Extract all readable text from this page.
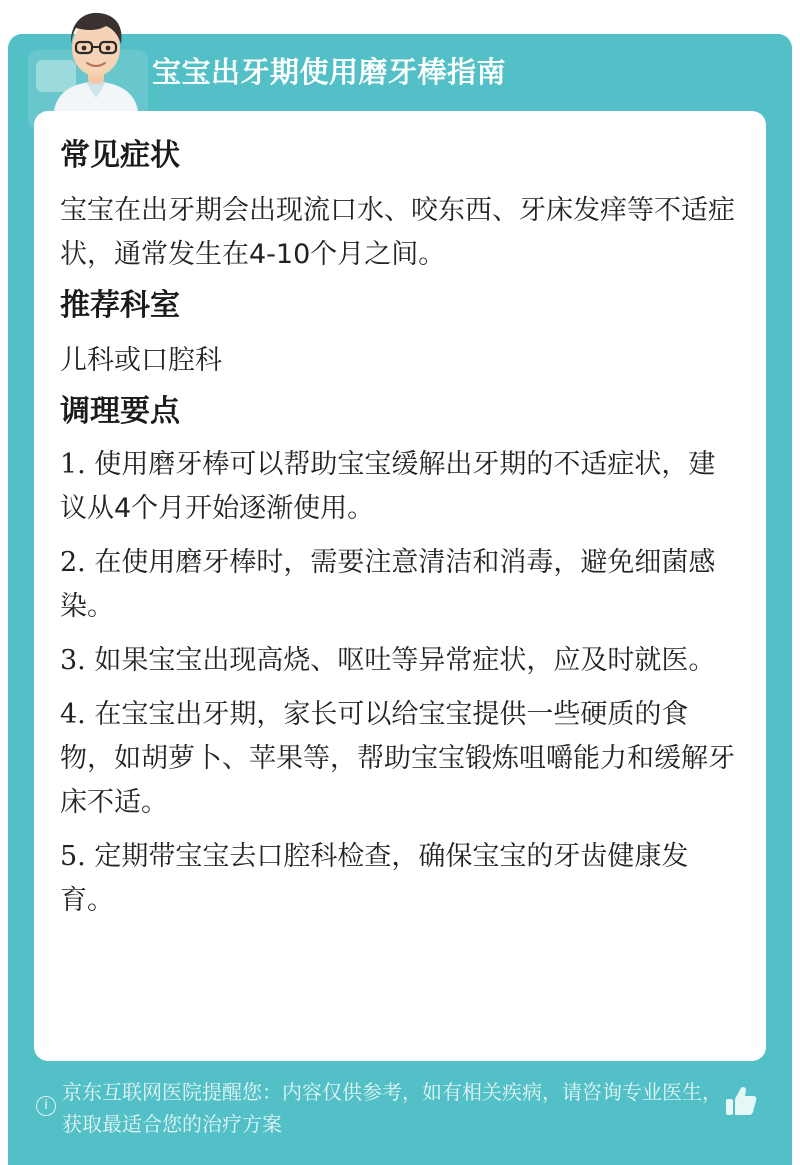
宝宝出牙期使用磨牙棒指南
常见症状
宝宝在出牙期会出现流口水、咬东西、牙床发痒等不适症状，通常发生在4-10个月之间。
推荐科室
儿科或口腔科
调理要点
1. 使用磨牙棒可以帮助宝宝缓解出牙期的不适症状，建议从4个月开始逐渐使用。
2. 在使用磨牙棒时，需要注意清洁和消毒，避免细菌感染。
3. 如果宝宝出现高烧、呕吐等异常症状，应及时就医。
4. 在宝宝出牙期，家长可以给宝宝提供一些硬质的食物，如胡萝卜、苹果等，帮助宝宝锻炼咀嚼能力和缓解牙床不适。
5. 定期带宝宝去口腔科检查，确保宝宝的牙齿健康发育。
i
京东互联网医院提醒您：内容仅供参考，如有相关疾病，请咨询专业医生，获取最适合您的治疗方案
